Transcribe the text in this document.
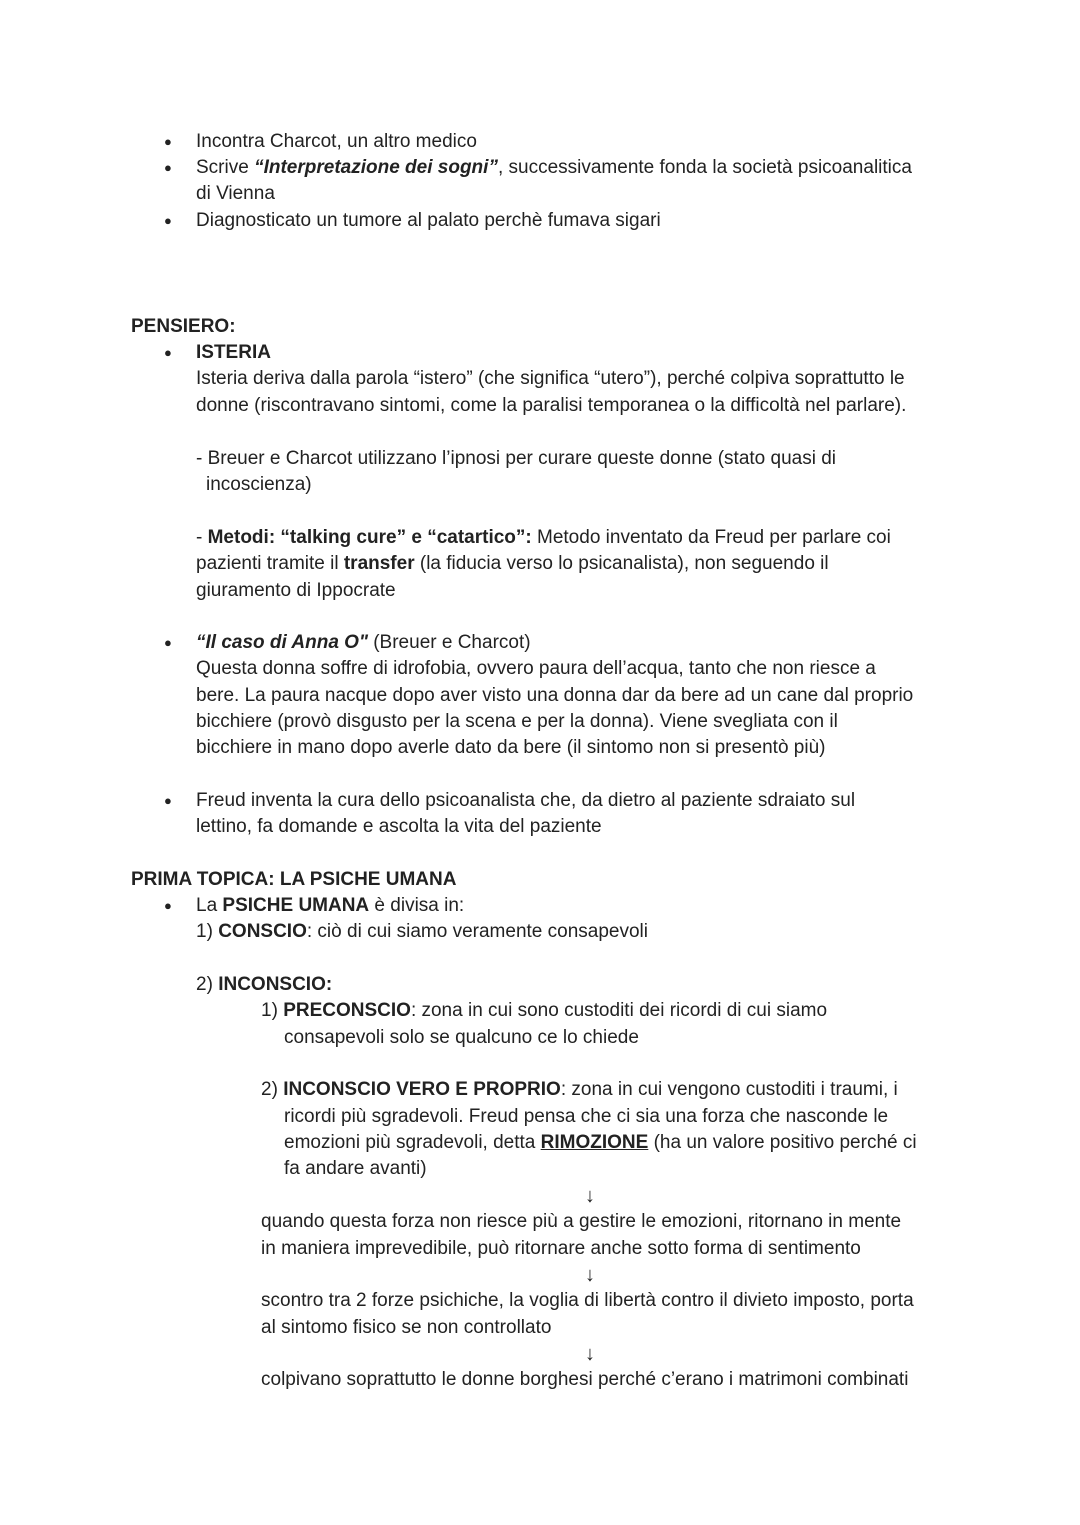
● Incontra Charcot, un altro medico
● Scrive “Interpretazione dei sogni”, successivamente fonda la società psicoanalitica
di Vienna
● Diagnosticato un tumore al palato perchè fumava sigari
PENSIERO:
● ISTERIA
Isteria deriva dalla parola “istero” (che significa “utero”), perché colpiva soprattutto le
donne (riscontravano sintomi, come la paralisi temporanea o la difficoltà nel parlare).
- Breuer e Charcot utilizzano l’ipnosi per curare queste donne (stato quasi di
incoscienza)
- Metodi: “talking cure” e “catartico”: Metodo inventato da Freud per parlare coi
pazienti tramite il transfer (la fiducia verso lo psicanalista), non seguendo il
giuramento di Ippocrate
● “Il caso di Anna O" (Breuer e Charcot)
Questa donna soffre di idrofobia, ovvero paura dell’acqua, tanto che non riesce a
bere. La paura nacque dopo aver visto una donna dar da bere ad un cane dal proprio
bicchiere (provò disgusto per la scena e per la donna). Viene svegliata con il
bicchiere in mano dopo averle dato da bere (il sintomo non si presentò più)
● Freud inventa la cura dello psicoanalista che, da dietro al paziente sdraiato sul
lettino, fa domande e ascolta la vita del paziente
PRIMA TOPICA: LA PSICHE UMANA
● La PSICHE UMANA è divisa in:
1) CONSCIO: ciò di cui siamo veramente consapevoli
2) INCONSCIO:
1) PRECONSCIO: zona in cui sono custoditi dei ricordi di cui siamo
consapevoli solo se qualcuno ce lo chiede
2) INCONSCIO VERO E PROPRIO: zona in cui vengono custoditi i traumi, i
ricordi più sgradevoli. Freud pensa che ci sia una forza che nasconde le
emozioni più sgradevoli, detta RIMOZIONE (ha un valore positivo perché ci
fa andare avanti)
↓
quando questa forza non riesce più a gestire le emozioni, ritornano in mente
in maniera imprevedibile, può ritornare anche sotto forma di sentimento
↓
scontro tra 2 forze psichiche, la voglia di libertà contro il divieto imposto, porta
al sintomo fisico se non controllato
↓
colpivano soprattutto le donne borghesi perché c’erano i matrimoni combinati
